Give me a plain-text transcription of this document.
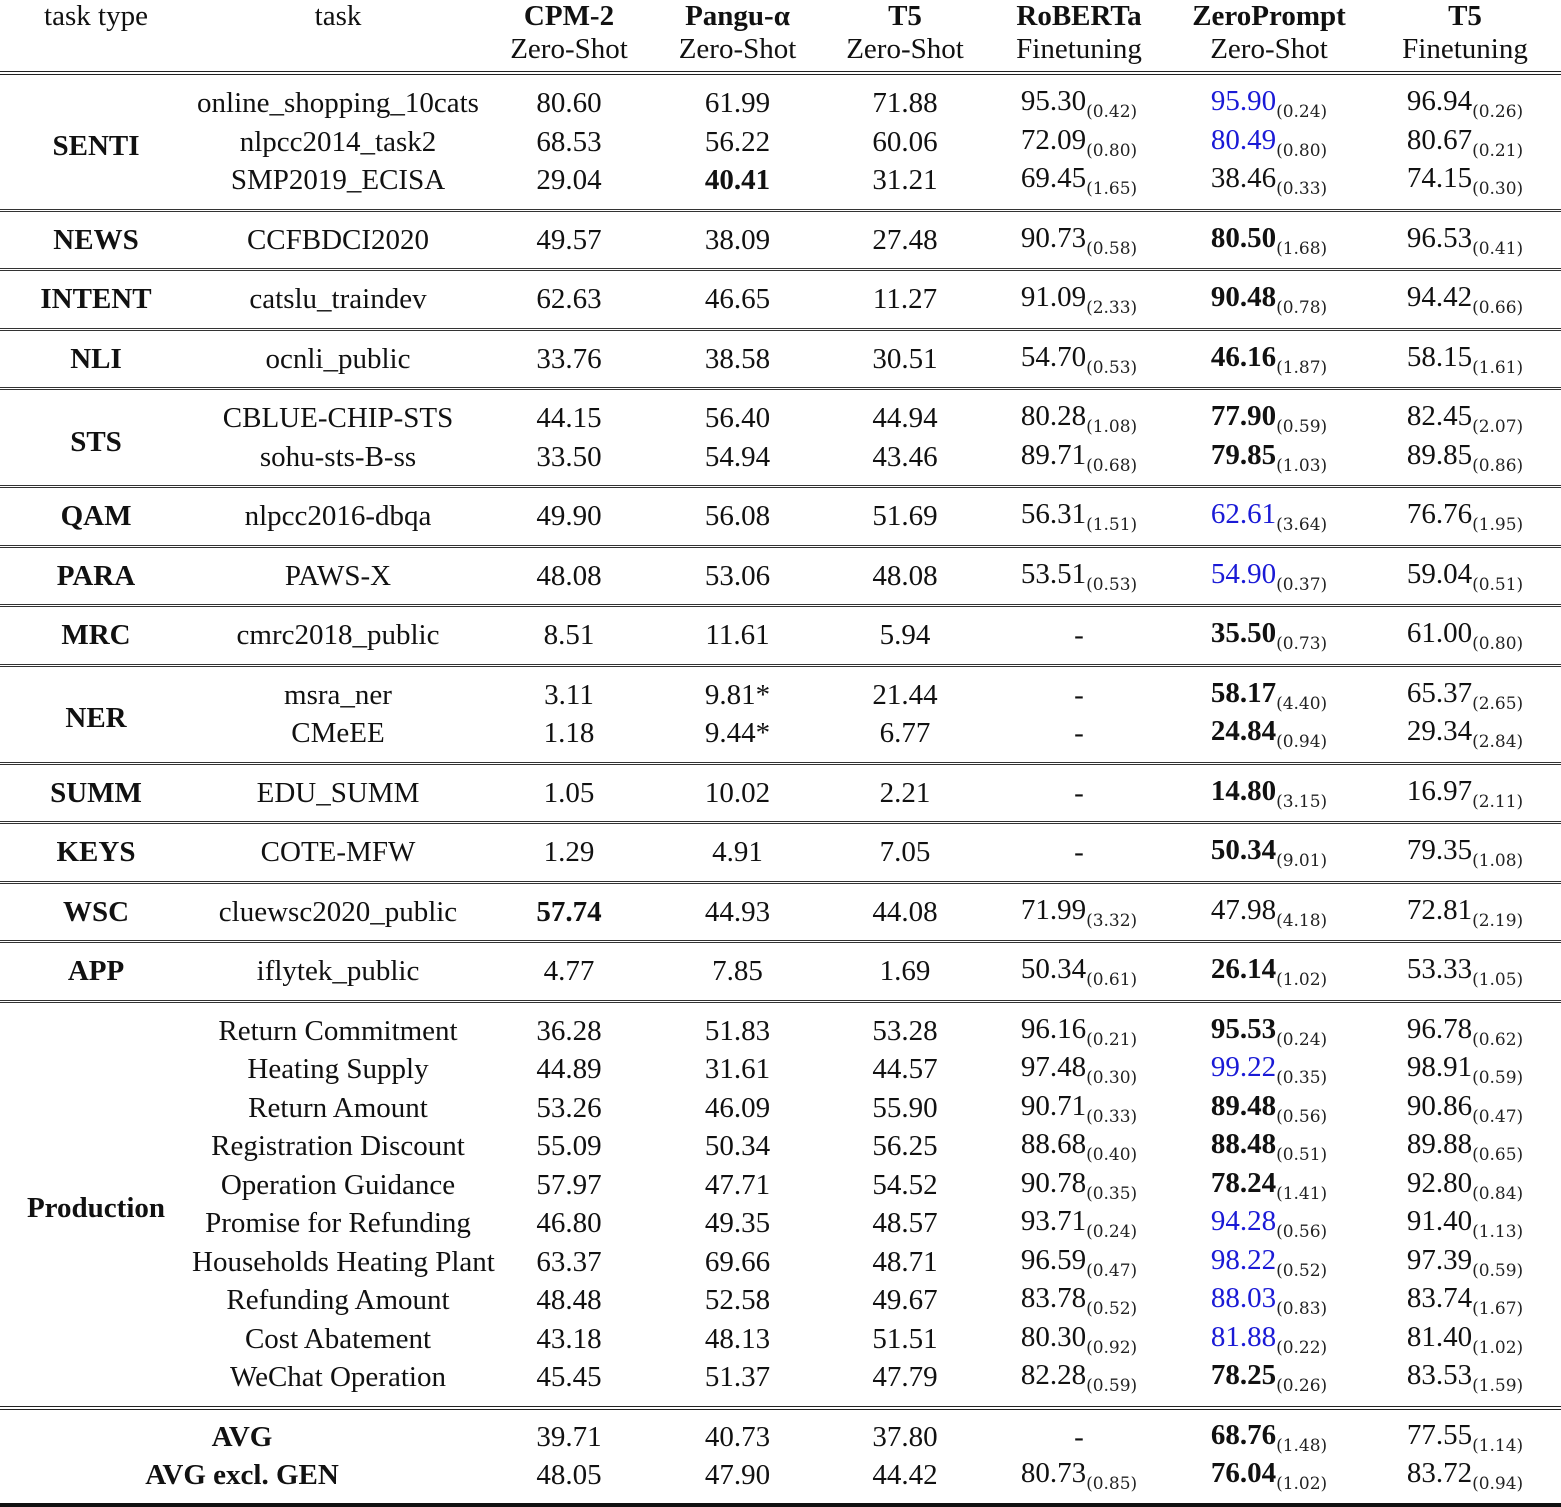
task type	task	CPM-2	Pangu-α	T5	RoBERTa	ZeroPrompt	T5
		Zero-Shot	Zero-Shot	Zero-Shot	Finetuning	Zero-Shot	Finetuning
SENTI	online_shopping_10cats	80.60	61.99	71.88	$95.30_{(0.42)}$	$95.90_{(0.24)}$	$96.94_{(0.26)}$
	nlpcc2014_task2	68.53	56.22	60.06	$72.09_{(0.80)}$	$80.49_{(0.80)}$	$80.67_{(0.21)}$
	SMP2019_ECISA	29.04	40.41	31.21	$69.45_{(1.65)}$	$38.46_{(0.33)}$	$74.15_{(0.30)}$
NEWS	CCFBDCI2020	49.57	38.09	27.48	$90.73_{(0.58)}$	$80.50_{(1.68)}$	$96.53_{(0.41)}$
INTENT	catslu_traindev	62.63	46.65	11.27	$91.09_{(2.33)}$	$90.48_{(0.78)}$	$94.42_{(0.66)}$
NLI	ocnli_public	33.76	38.58	30.51	$54.70_{(0.53)}$	$46.16_{(1.87)}$	$58.15_{(1.61)}$
STS	CBLUE-CHIP-STS	44.15	56.40	44.94	$80.28_{(1.08)}$	$77.90_{(0.59)}$	$82.45_{(2.07)}$
	sohu-sts-B-ss	33.50	54.94	43.46	$89.71_{(0.68)}$	$79.85_{(1.03)}$	$89.85_{(0.86)}$
QAM	nlpcc2016-dbqa	49.90	56.08	51.69	$56.31_{(1.51)}$	$62.61_{(3.64)}$	$76.76_{(1.95)}$
PARA	PAWS-X	48.08	53.06	48.08	$53.51_{(0.53)}$	$54.90_{(0.37)}$	$59.04_{(0.51)}$
MRC	cmrc2018_public	8.51	11.61	5.94	-	$35.50_{(0.73)}$	$61.00_{(0.80)}$
NER	msra_ner	3.11	9.81*	21.44	-	$58.17_{(4.40)}$	$65.37_{(2.65)}$
	CMeEE	1.18	9.44*	6.77	-	$24.84_{(0.94)}$	$29.34_{(2.84)}$
SUMM	EDU_SUMM	1.05	10.02	2.21	-	$14.80_{(3.15)}$	$16.97_{(2.11)}$
KEYS	COTE-MFW	1.29	4.91	7.05	-	$50.34_{(9.01)}$	$79.35_{(1.08)}$
WSC	cluewsc2020_public	57.74	44.93	44.08	$71.99_{(3.32)}$	$47.98_{(4.18)}$	$72.81_{(2.19)}$
APP	iflytek_public	4.77	7.85	1.69	$50.34_{(0.61)}$	$26.14_{(1.02)}$	$53.33_{(1.05)}$
Production	Return Commitment	36.28	51.83	53.28	$96.16_{(0.21)}$	$95.53_{(0.24)}$	$96.78_{(0.62)}$
	Heating Supply	44.89	31.61	44.57	$97.48_{(0.30)}$	$99.22_{(0.35)}$	$98.91_{(0.59)}$
	Return Amount	53.26	46.09	55.90	$90.71_{(0.33)}$	$89.48_{(0.56)}$	$90.86_{(0.47)}$
	Registration Discount	55.09	50.34	56.25	$88.68_{(0.40)}$	$88.48_{(0.51)}$	$89.88_{(0.65)}$
	Operation Guidance	57.97	47.71	54.52	$90.78_{(0.35)}$	$78.24_{(1.41)}$	$92.80_{(0.84)}$
	Promise for Refunding	46.80	49.35	48.57	$93.71_{(0.24)}$	$94.28_{(0.56)}$	$91.40_{(1.13)}$
	Households Heating Plant	63.37	69.66	48.71	$96.59_{(0.47)}$	$98.22_{(0.52)}$	$97.39_{(0.59)}$
	Refunding Amount	48.48	52.58	49.67	$83.78_{(0.52)}$	$88.03_{(0.83)}$	$83.74_{(1.67)}$
	Cost Abatement	43.18	48.13	51.51	$80.30_{(0.92)}$	$81.88_{(0.22)}$	$81.40_{(1.02)}$
	WeChat Operation	45.45	51.37	47.79	$82.28_{(0.59)}$	$78.25_{(0.26)}$	$83.53_{(1.59)}$
AVG		39.71	40.73	37.80	-	$68.76_{(1.48)}$	$77.55_{(1.14)}$
AVG excl. GEN		48.05	47.90	44.42	$80.73_{(0.85)}$	$76.04_{(1.02)}$	$83.72_{(0.94)}$
